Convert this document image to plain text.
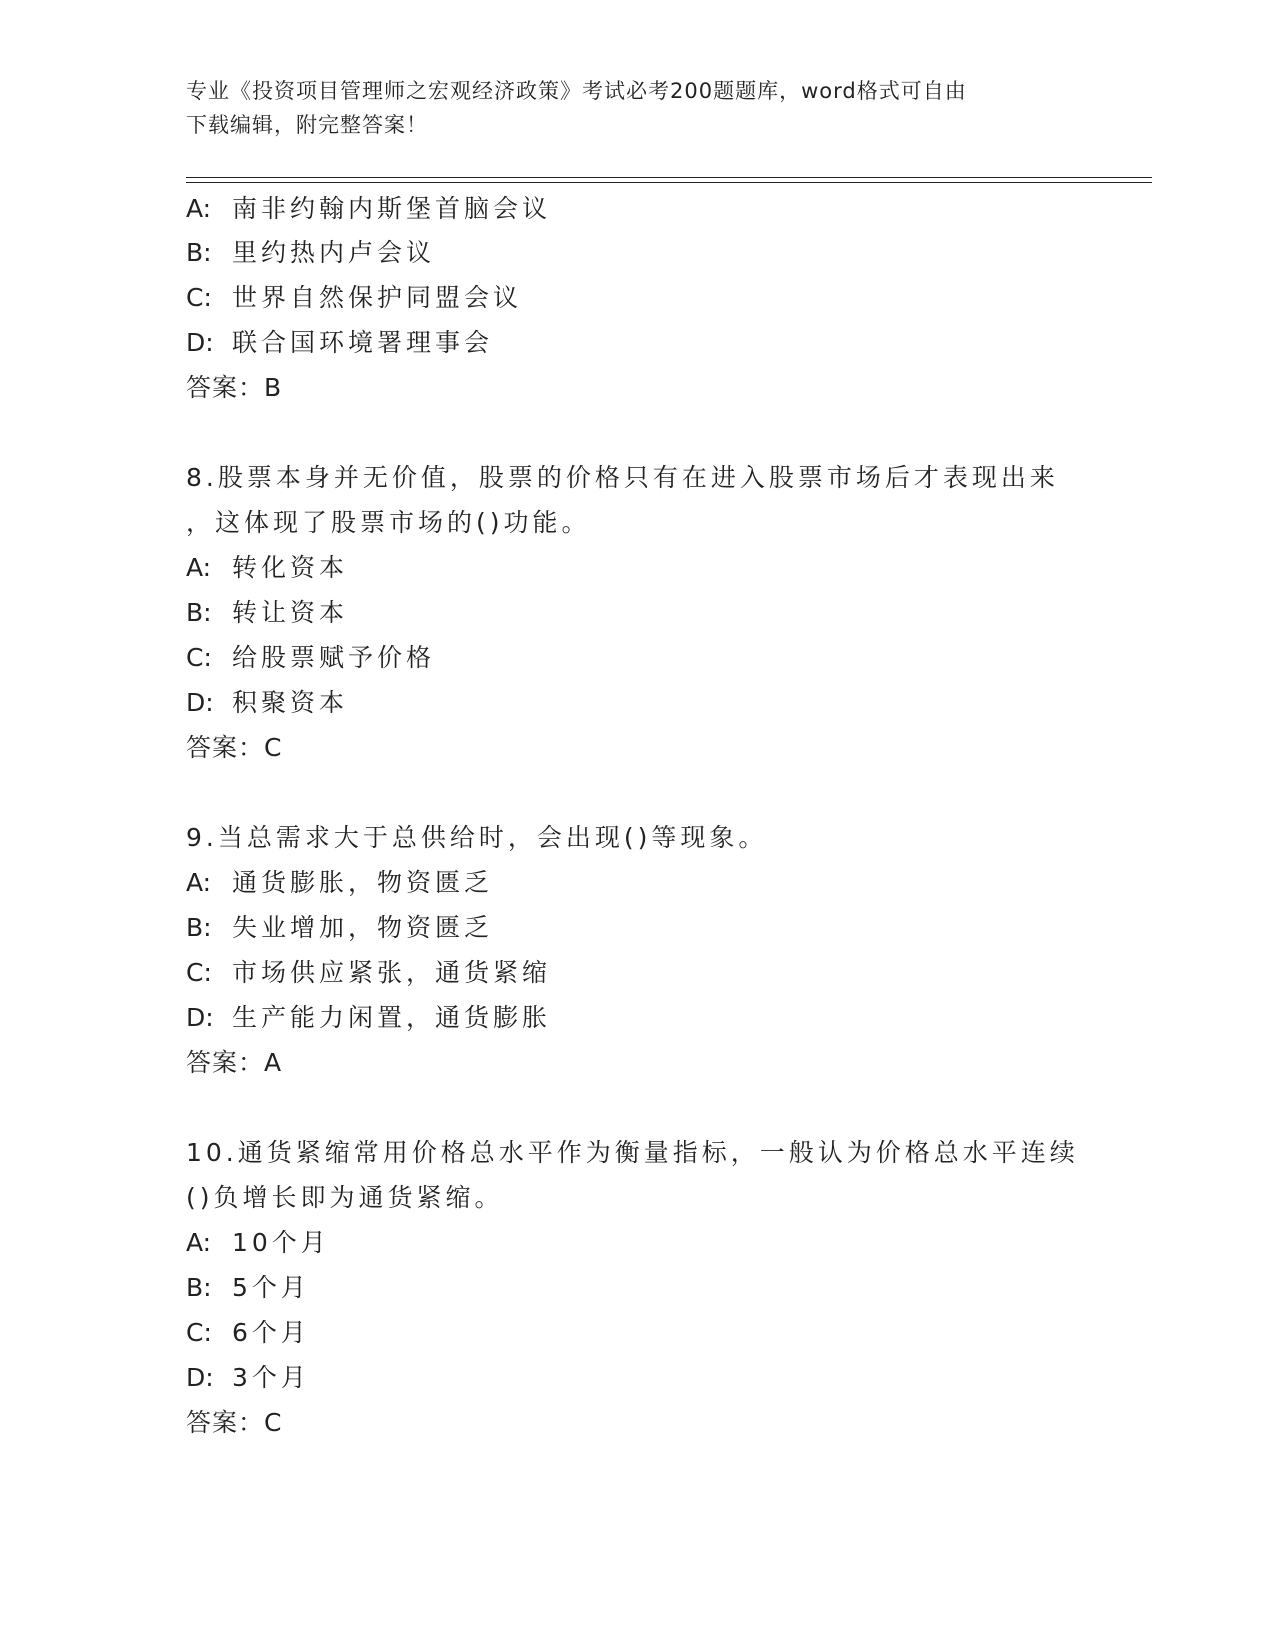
专业《投资项目管理师之宏观经济政策》考试必考200题题库，word格式可自由
下载编辑，附完整答案！
A: 南非约翰内斯堡首脑会议
B: 里约热内卢会议
C: 世界自然保护同盟会议
D: 联合国环境署理事会
答案：B
8.股票本身并无价值，股票的价格只有在进入股票市场后才表现出来
，这体现了股票市场的()功能。
A: 转化资本
B: 转让资本
C: 给股票赋予价格
D: 积聚资本
答案：C
9.当总需求大于总供给时，会出现()等现象。
A: 通货膨胀，物资匮乏
B: 失业增加，物资匮乏
C: 市场供应紧张，通货紧缩
D: 生产能力闲置，通货膨胀
答案：A
10.通货紧缩常用价格总水平作为衡量指标，一般认为价格总水平连续
()负增长即为通货紧缩。
A: 10个月
B: 5个月
C: 6个月
D: 3个月
答案：C
